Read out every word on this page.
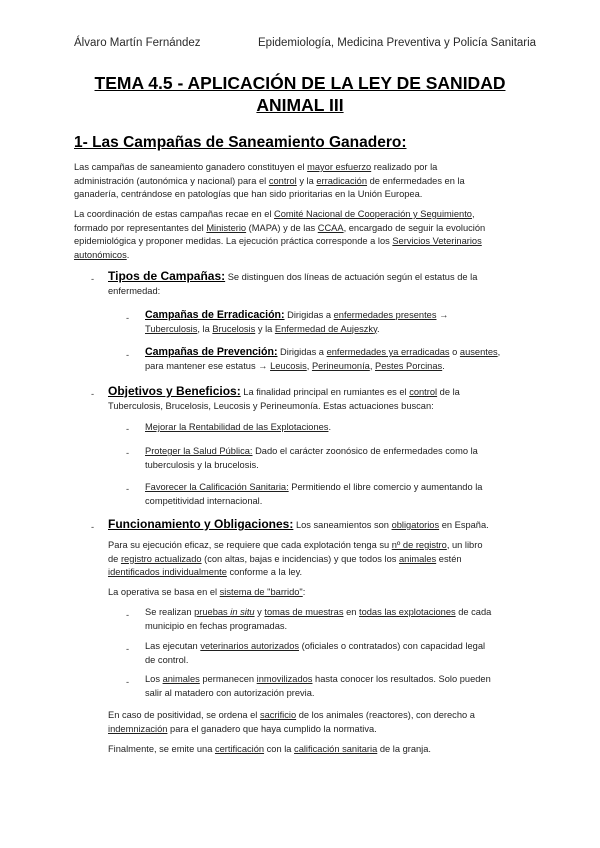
Álvaro Martín Fernández	Epidemiología, Medicina Preventiva y Policía Sanitaria
TEMA 4.5 - APLICACIÓN DE LA LEY DE SANIDAD
ANIMAL III
1- Las Campañas de Saneamiento Ganadero:
Las campañas de saneamiento ganadero constituyen el mayor esfuerzo realizado por la
administración (autonómica y nacional) para el control y la erradicación de enfermedades en la
ganadería, centrándose en patologías que han sido prioritarias en la Unión Europea.
La coordinación de estas campañas recae en el Comité Nacional de Cooperación y Seguimiento,
formado por representantes del Ministerio (MAPA) y de las CCAA, encargado de seguir la evolución
epidemiológica y proponer medidas. La ejecución práctica corresponde a los Servicios Veterinarios
autonómicos.
- Tipos de Campañas: Se distinguen dos líneas de actuación según el estatus de la
enfermedad:
- Campañas de Erradicación: Dirigidas a enfermedades presentes →
Tuberculosis, la Brucelosis y la Enfermedad de Aujeszky.
- Campañas de Prevención: Dirigidas a enfermedades ya erradicadas o ausentes,
para mantener ese estatus → Leucosis, Perineumonía, Pestes Porcinas.
- Objetivos y Beneficios: La finalidad principal en rumiantes es el control de la
Tuberculosis, Brucelosis, Leucosis y Perineumonía. Estas actuaciones buscan:
- Mejorar la Rentabilidad de las Explotaciones.
- Proteger la Salud Pública: Dado el carácter zoonósico de enfermedades como la
tuberculosis y la brucelosis.
- Favorecer la Calificación Sanitaria: Permitiendo el libre comercio y aumentando la
competitividad internacional.
- Funcionamiento y Obligaciones: Los saneamientos son obligatorios en España.
Para su ejecución eficaz, se requiere que cada explotación tenga su nº de registro, un libro
de registro actualizado (con altas, bajas e incidencias) y que todos los animales estén
identificados individualmente conforme a la ley.
La operativa se basa en el sistema de "barrido":
- Se realizan pruebas in situ y tomas de muestras en todas las explotaciones de cada
municipio en fechas programadas.
- Las ejecutan veterinarios autorizados (oficiales o contratados) con capacidad legal
de control.
- Los animales permanecen inmovilizados hasta conocer los resultados. Solo pueden
salir al matadero con autorización previa.
En caso de positividad, se ordena el sacrificio de los animales (reactores), con derecho a
indemnización para el ganadero que haya cumplido la normativa.
Finalmente, se emite una certificación con la calificación sanitaria de la granja.
